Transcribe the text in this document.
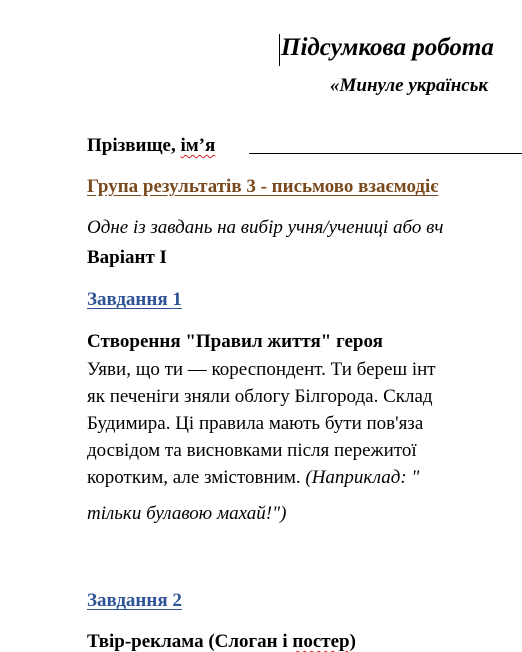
Підсумкова робота
«Минуле українськ
Прізвище, ім’я
Група результатів 3 - письмово взаємодіє
Одне із завдань на вибір учня/учениці або вч
Варіант І
Завдання 1
Створення "Правил життя" героя
Уяви, що ти — кореспондент. Ти береш інт
як печеніги зняли облогу Білгорода. Склад
Будимира. Ці правила мають бути пов'яза
досвідом та висновками після пережитої
коротким, але змістовним. (Наприклад: "
тільки булавою махай!")
Завдання 2
Твір-реклама (Слоган і постер)
